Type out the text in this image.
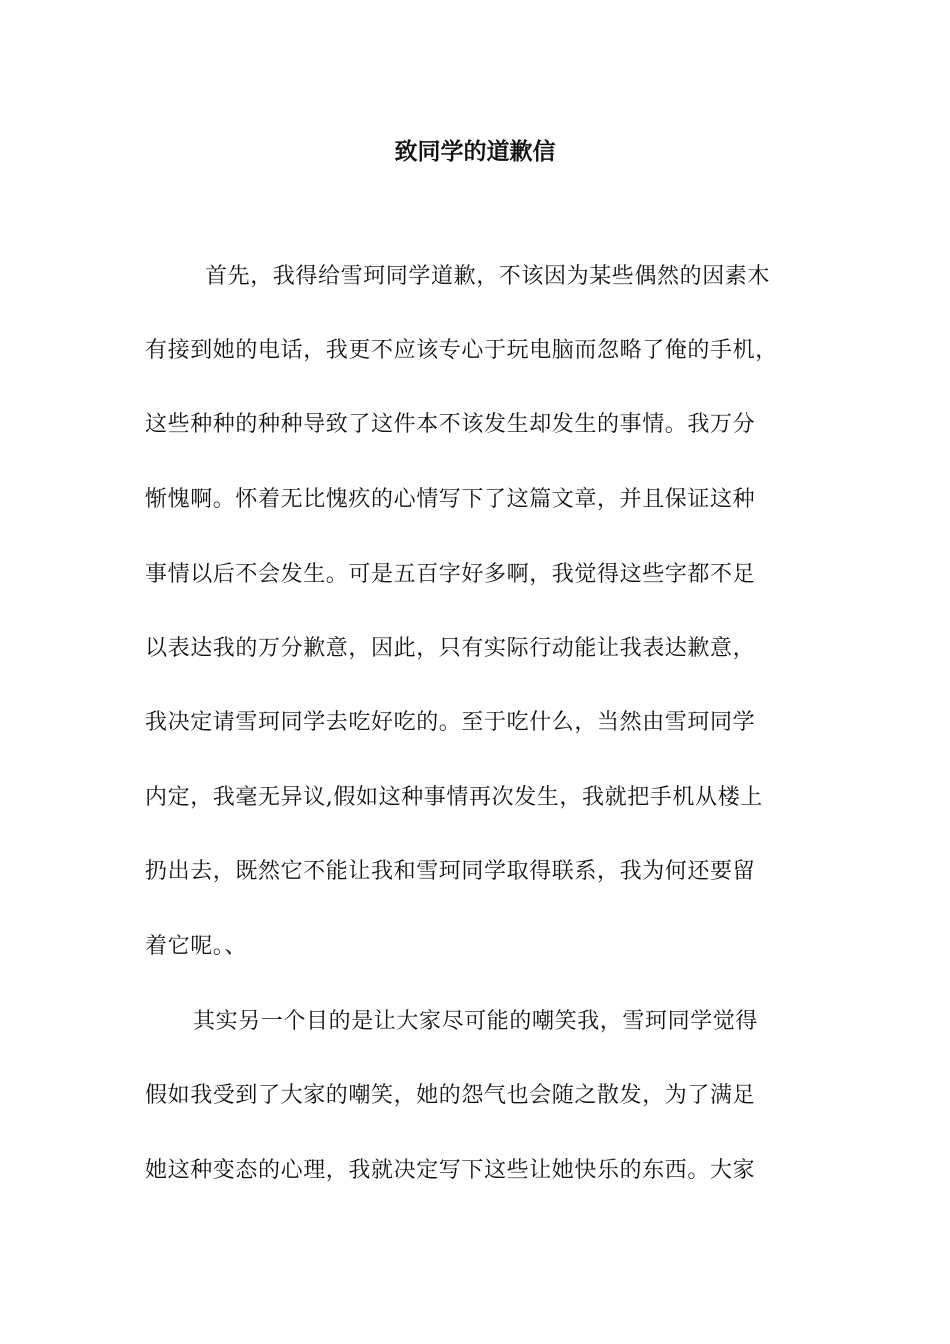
致同学的道歉信
首先，我得给雪珂同学道歉，不该因为某些偶然的因素木
有接到她的电话，我更不应该专心于玩电脑而忽略了俺的手机，
这些种种的种种导致了这件本不该发生却发生的事情。我万分
惭愧啊。怀着无比愧疚的心情写下了这篇文章，并且保证这种
事情以后不会发生。可是五百字好多啊，我觉得这些字都不足
以表达我的万分歉意，因此，只有实际行动能让我表达歉意，
我决定请雪珂同学去吃好吃的。至于吃什么，当然由雪珂同学
内定，我毫无异议,假如这种事情再次发生，我就把手机从楼上
扔出去，既然它不能让我和雪珂同学取得联系，我为何还要留
着它呢。、
其实另一个目的是让大家尽可能的嘲笑我，雪珂同学觉得
假如我受到了大家的嘲笑，她的怨气也会随之散发，为了满足
她这种变态的心理，我就决定写下这些让她快乐的东西。大家
